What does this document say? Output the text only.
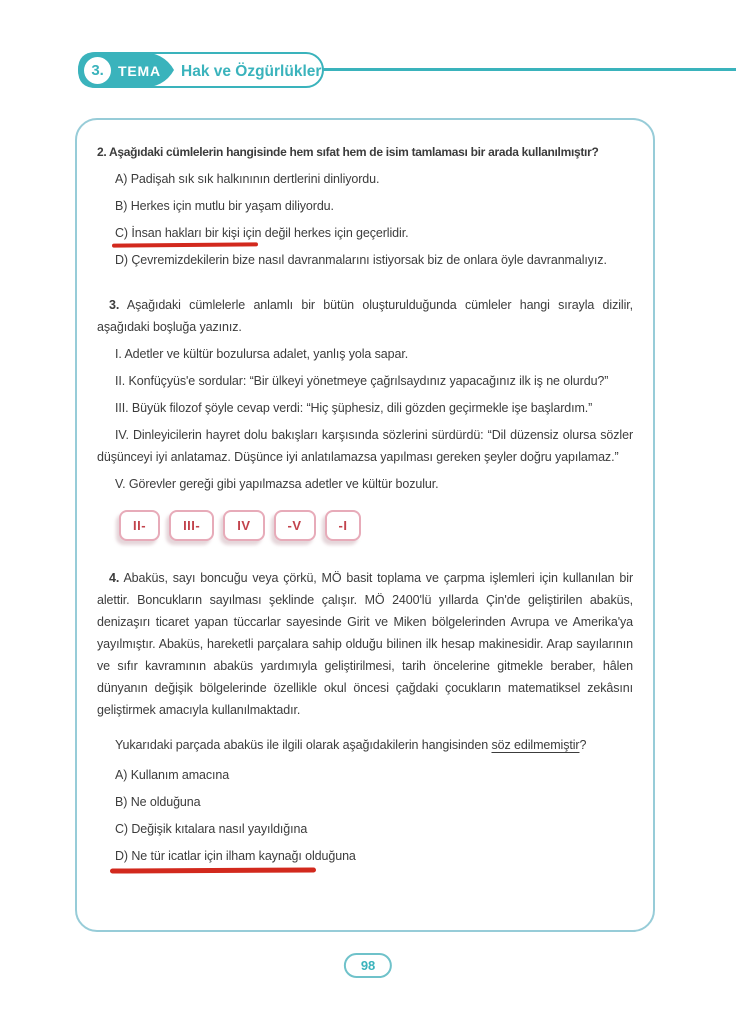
3.	TEMA Hak ve Özgürlükler

2. Aşağıdaki cümlelerin hangisinde hem sıfat hem de isim tamlaması bir arada kullanılmıştır?

A) Padişah sık sık halkınının dertlerini dinliyordu.

B) Herkes için mutlu bir yaşam diliyordu.

C) İnsan hakları bir kişi için değil herkes için geçerlidir.

D) Çevremizdekilerin bize nasıl davranmalarını istiyorsak biz de onlara öyle davranmalıyız.

3. Aşağıdaki cümlelerle anlamlı bir bütün oluşturulduğunda cümleler hangi sırayla dizilir, aşağıdaki boşluğa yazınız.

I. Adetler ve kültür bozulursa adalet, yanlış yola sapar.

II. Konfüçyüs'e sordular: “Bir ülkeyi yönetmeye çağrılsaydınız yapacağınız ilk iş ne olurdu?”

III. Büyük filozof şöyle cevap verdi: “Hiç şüphesiz, dili gözden geçirmekle işe başlardım.”

IV. Dinleyicilerin hayret dolu bakışları karşısında sözlerini sürdürdü: “Dil düzensiz olursa sözler düşünceyi iyi anlatamaz. Düşünce iyi anlatılamazsa yapılması gereken şeyler doğru yapılamaz.”

V. Görevler gereği gibi yapılmazsa adetler ve kültür bozulur.

II-	III-	IV	-V	-I

4. Abaküs, sayı boncuğu veya çörkü, MÖ basit toplama ve çarpma işlemleri için kullanılan bir alettir. Boncukların sayılması şeklinde çalışır. MÖ 2400'lü yıllarda Çin'de geliştirilen abaküs, denizaşırı ticaret yapan tüccarlar sayesinde Girit ve Miken bölgelerinden Avrupa ve Amerika'ya yayılmıştır. Abaküs, hareketli parçalara sahip olduğu bilinen ilk hesap makinesidir. Arap sayılarının ve sıfır kavramının abaküs yardımıyla geliştirilmesi, tarih öncelerine gitmekle beraber, hâlen dünyanın değişik bölgelerinde özellikle okul öncesi çağdaki çocukların matematiksel zekâsını geliştirmek amacıyla kullanılmaktadır.

Yukarıdaki parçada abaküs ile ilgili olarak aşağıdakilerin hangisinden söz edilmemiştir?

A) Kullanım amacına

B) Ne olduğuna

C) Değişik kıtalara nasıl yayıldığına

D) Ne tür icatlar için ilham kaynağı olduğuna

98
